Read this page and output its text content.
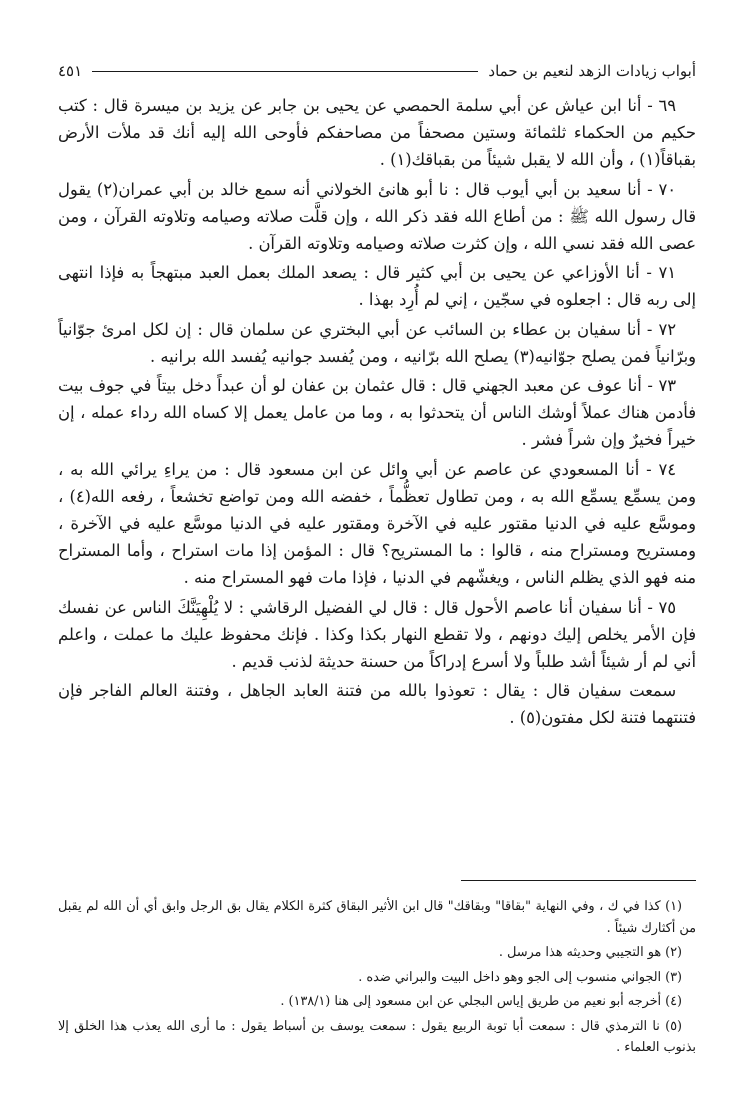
أبواب زيادات الزهد لنعيم بن حماد
٤٥١

٦٩ - أنا ابن عياش عن أبي سلمة الحمصي عن يحيى بن جابر عن يزيد بن ميسرة قال : كتب حكيم من الحكماء ثلثمائة وستين مصحفاً من مصاحفكم فأوحى الله إليه أنك قد ملأت الأرض بقباقاً(١) ، وأن الله لا يقبل شيئاً من بقباقك(١) .

٧٠ - أنا سعيد بن أبي أيوب قال : نا أبو هانئ الخولاني أنه سمع خالد بن أبي عمران(٢) يقول قال رسول الله ﷺ : من أطاع الله فقد ذكر الله ، وإن قلَّت صلاته وصيامه وتلاوته القرآن ، ومن عصى الله فقد نسي الله ، وإن كثرت صلاته وصيامه وتلاوته القرآن .

٧١ - أنا الأوزاعي عن يحيى بن أبي كثير قال : يصعد الملك بعمل العبد مبتهجاً به فإذا انتهى إلى ربه قال : اجعلوه في سجّين ، إني لم أُرِد بهذا .

٧٢ - أنا سفيان بن عطاء بن السائب عن أبي البختري عن سلمان قال : إن لكل امرئ جوّانياً وبرّانياً فمن يصلح جوّانيه(٣) يصلح الله برّانيه ، ومن يُفسد جوانيه يُفسد الله برانيه .

٧٣ - أنا عوف عن معبد الجهني قال : قال عثمان بن عفان لو أن عبداً دخل بيتاً في جوف بيت فأدمن هناك عملاً أوشك الناس أن يتحدثوا به ، وما من عامل يعمل إلا كساه الله رداء عمله ، إن خيراً فخيرٌ وإن شراً فشر .

٧٤ - أنا المسعودي عن عاصم عن أبي وائل عن ابن مسعود قال : من يراءِ يرائي الله به ، ومن يسمِّع يسمِّع الله به ، ومن تطاول تعظُّماً ، خفضه الله ومن تواضع تخشعاً ، رفعه الله(٤) ، وموسَّع عليه في الدنيا مقتور عليه في الآخرة ومقتور عليه في الدنيا موسَّع عليه في الآخرة ، ومستريح ومستراح منه ، قالوا : ما المستريح؟ قال : المؤمن إذا مات استراح ، وأما المستراح منه فهو الذي يظلم الناس ، ويغشّهم في الدنيا ، فإذا مات فهو المستراح منه .

٧٥ - أنا سفيان أنا عاصم الأحول قال : قال لي الفضيل الرقاشي : لا يُلْهِيَنَّكَ الناس عن نفسك فإن الأمر يخلص إليك دونهم ، ولا تقطع النهار بكذا وكذا . فإنك محفوظ عليك ما عملت ، واعلم أني لم أر شيئاً أشد طلباً ولا أسرع إدراكاً من حسنة حديثة لذنب قديم .

سمعت سفيان قال : يقال : تعوذوا بالله من فتنة العابد الجاهل ، وفتنة العالم الفاجر فإن فتنتهما فتنة لكل مفتون(٥) .

(١) كذا في ك ، وفي النهاية "بقاقا" وبقاقك" قال ابن الأثير البقاق كثرة الكلام يقال بق الرجل وابق أي أن الله لم يقبل من أكثارك شيئاً .

(٢) هو التجيبي وحديثه هذا مرسل .

(٣) الجواني منسوب إلى الجو وهو داخل البيت والبراني ضده .

(٤) أخرجه أبو نعيم من طريق إياس البجلي عن ابن مسعود إلى هنا (١٣٨/١) .

(٥) نا الترمذي قال : سمعت أبا توبة الربيع يقول : سمعت يوسف بن أسباط يقول : ما أرى الله يعذب هذا الخلق إلا بذنوب العلماء .
